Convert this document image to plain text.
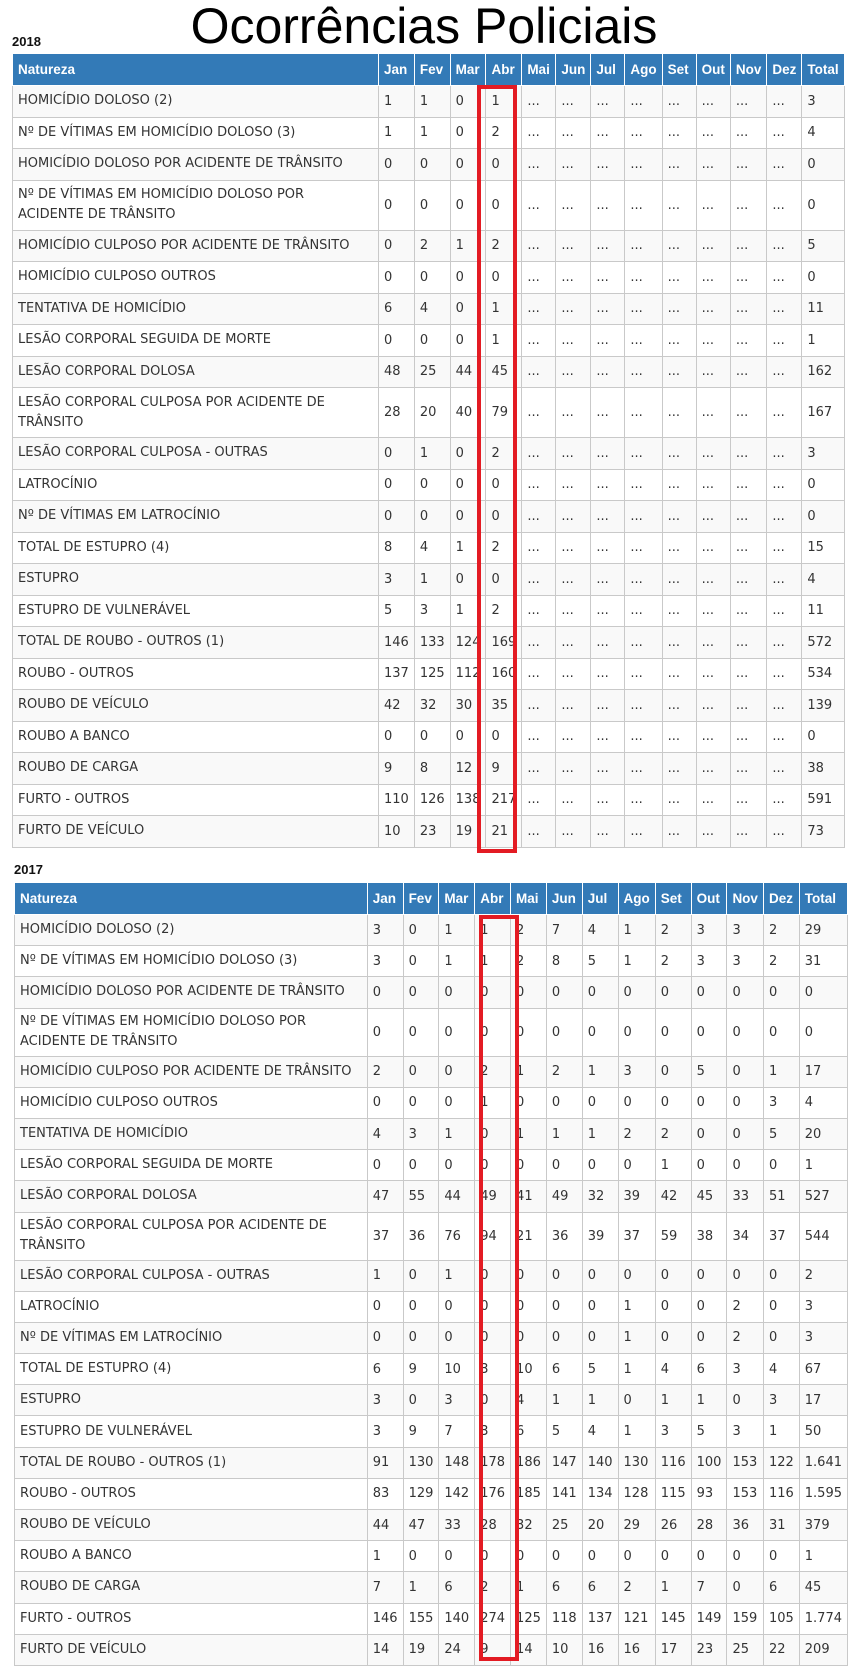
Ocorrências Policiais
2018
Natureza	Jan	Fev	Mar	Abr	Mai	Jun	Jul	Ago	Set	Out	Nov	Dez	Total
HOMICÍDIO DOLOSO (2)	1	1	0	1	...	...	...	...	...	...	...	...	3
Nº DE VÍTIMAS EM HOMICÍDIO DOLOSO (3)	1	1	0	2	...	...	...	...	...	...	...	...	4
HOMICÍDIO DOLOSO POR ACIDENTE DE TRÂNSITO	0	0	0	0	...	...	...	...	...	...	...	...	0
Nº DE VÍTIMAS EM HOMICÍDIO DOLOSO POR ACIDENTE DE TRÂNSITO	0	0	0	0	...	...	...	...	...	...	...	...	0
HOMICÍDIO CULPOSO POR ACIDENTE DE TRÂNSITO	0	2	1	2	...	...	...	...	...	...	...	...	5
HOMICÍDIO CULPOSO OUTROS	0	0	0	0	...	...	...	...	...	...	...	...	0
TENTATIVA DE HOMICÍDIO	6	4	0	1	...	...	...	...	...	...	...	...	11
LESÃO CORPORAL SEGUIDA DE MORTE	0	0	0	1	...	...	...	...	...	...	...	...	1
LESÃO CORPORAL DOLOSA	48	25	44	45	...	...	...	...	...	...	...	...	162
LESÃO CORPORAL CULPOSA POR ACIDENTE DE TRÂNSITO	28	20	40	79	...	...	...	...	...	...	...	...	167
LESÃO CORPORAL CULPOSA - OUTRAS	0	1	0	2	...	...	...	...	...	...	...	...	3
LATROCÍNIO	0	0	0	0	...	...	...	...	...	...	...	...	0
Nº DE VÍTIMAS EM LATROCÍNIO	0	0	0	0	...	...	...	...	...	...	...	...	0
TOTAL DE ESTUPRO (4)	8	4	1	2	...	...	...	...	...	...	...	...	15
ESTUPRO	3	1	0	0	...	...	...	...	...	...	...	...	4
ESTUPRO DE VULNERÁVEL	5	3	1	2	...	...	...	...	...	...	...	...	11
TOTAL DE ROUBO - OUTROS (1)	146	133	124	169	...	...	...	...	...	...	...	...	572
ROUBO - OUTROS	137	125	112	160	...	...	...	...	...	...	...	...	534
ROUBO DE VEÍCULO	42	32	30	35	...	...	...	...	...	...	...	...	139
ROUBO A BANCO	0	0	0	0	...	...	...	...	...	...	...	...	0
ROUBO DE CARGA	9	8	12	9	...	...	...	...	...	...	...	...	38
FURTO - OUTROS	110	126	138	217	...	...	...	...	...	...	...	...	591
FURTO DE VEÍCULO	10	23	19	21	...	...	...	...	...	...	...	...	73
2017
Natureza	Jan	Fev	Mar	Abr	Mai	Jun	Jul	Ago	Set	Out	Nov	Dez	Total
HOMICÍDIO DOLOSO (2)	3	0	1	1	2	7	4	1	2	3	3	2	29
Nº DE VÍTIMAS EM HOMICÍDIO DOLOSO (3)	3	0	1	1	2	8	5	1	2	3	3	2	31
HOMICÍDIO DOLOSO POR ACIDENTE DE TRÂNSITO	0	0	0	0	0	0	0	0	0	0	0	0	0
Nº DE VÍTIMAS EM HOMICÍDIO DOLOSO POR ACIDENTE DE TRÂNSITO	0	0	0	0	0	0	0	0	0	0	0	0	0
HOMICÍDIO CULPOSO POR ACIDENTE DE TRÂNSITO	2	0	0	2	1	2	1	3	0	5	0	1	17
HOMICÍDIO CULPOSO OUTROS	0	0	0	1	0	0	0	0	0	0	0	3	4
TENTATIVA DE HOMICÍDIO	4	3	1	0	1	1	1	2	2	0	0	5	20
LESÃO CORPORAL SEGUIDA DE MORTE	0	0	0	0	0	0	0	0	1	0	0	0	1
LESÃO CORPORAL DOLOSA	47	55	44	49	41	49	32	39	42	45	33	51	527
LESÃO CORPORAL CULPOSA POR ACIDENTE DE TRÂNSITO	37	36	76	94	21	36	39	37	59	38	34	37	544
LESÃO CORPORAL CULPOSA - OUTRAS	1	0	1	0	0	0	0	0	0	0	0	0	2
LATROCÍNIO	0	0	0	0	0	0	0	1	0	0	2	0	3
Nº DE VÍTIMAS EM LATROCÍNIO	0	0	0	0	0	0	0	1	0	0	2	0	3
TOTAL DE ESTUPRO (4)	6	9	10	3	10	6	5	1	4	6	3	4	67
ESTUPRO	3	0	3	0	4	1	1	0	1	1	0	3	17
ESTUPRO DE VULNERÁVEL	3	9	7	3	6	5	4	1	3	5	3	1	50
TOTAL DE ROUBO - OUTROS (1)	91	130	148	178	186	147	140	130	116	100	153	122	1.641
ROUBO - OUTROS	83	129	142	176	185	141	134	128	115	93	153	116	1.595
ROUBO DE VEÍCULO	44	47	33	28	32	25	20	29	26	28	36	31	379
ROUBO A BANCO	1	0	0	0	0	0	0	0	0	0	0	0	1
ROUBO DE CARGA	7	1	6	2	1	6	6	2	1	7	0	6	45
FURTO - OUTROS	146	155	140	274	125	118	137	121	145	149	159	105	1.774
FURTO DE VEÍCULO	14	19	24	9	14	10	16	16	17	23	25	22	209
